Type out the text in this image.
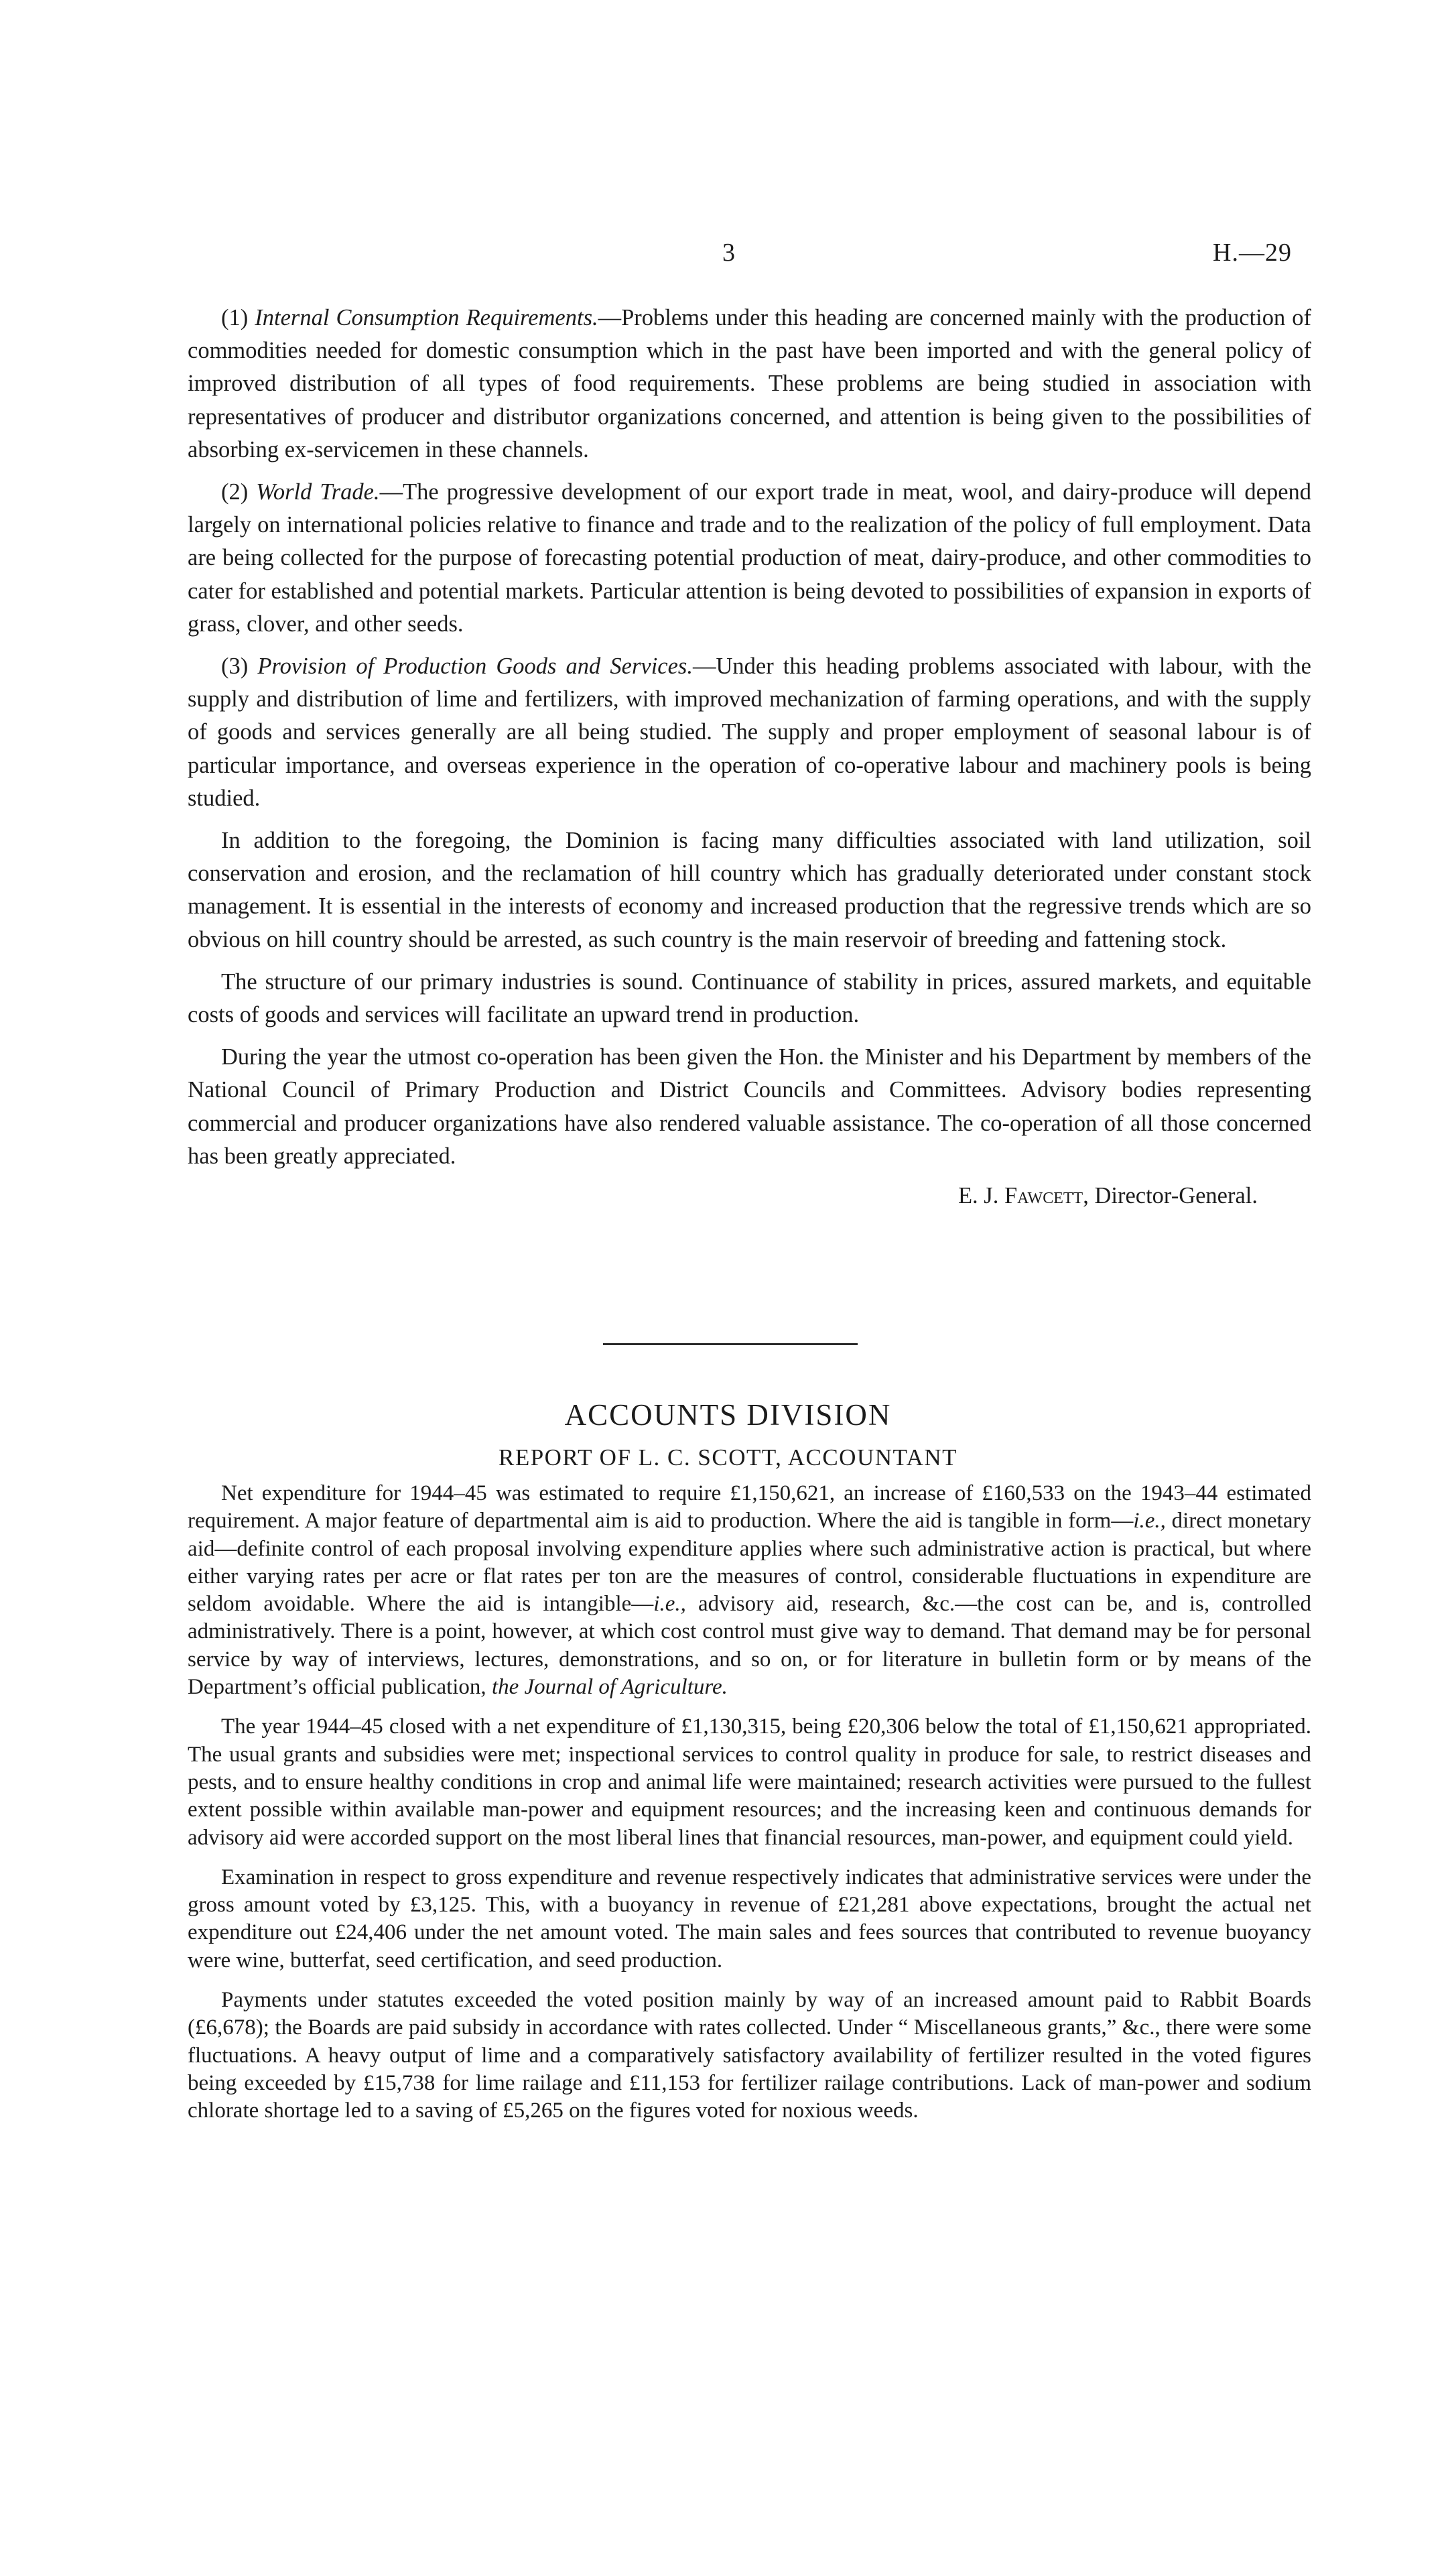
3	H.—29

(1) Internal Consumption Requirements.—Problems under this heading are concerned mainly with the production of commodities needed for domestic consumption which in the past have been imported and with the general policy of improved distribution of all types of food requirements. These problems are being studied in association with representatives of producer and distributor organizations concerned, and attention is being given to the possibilities of absorbing ex-servicemen in these channels.

(2) World Trade.—The progressive development of our export trade in meat, wool, and dairy-produce will depend largely on international policies relative to finance and trade and to the realization of the policy of full employment. Data are being collected for the purpose of forecasting potential production of meat, dairy-produce, and other commodities to cater for established and potential markets. Particular attention is being devoted to possibilities of expansion in exports of grass, clover, and other seeds.

(3) Provision of Production Goods and Services.—Under this heading problems associated with labour, with the supply and distribution of lime and fertilizers, with improved mechanization of farming operations, and with the supply of goods and services generally are all being studied. The supply and proper employment of seasonal labour is of particular importance, and overseas experience in the operation of co-operative labour and machinery pools is being studied.

In addition to the foregoing, the Dominion is facing many difficulties associated with land utilization, soil conservation and erosion, and the reclamation of hill country which has gradually deteriorated under constant stock management. It is essential in the interests of economy and increased production that the regressive trends which are so obvious on hill country should be arrested, as such country is the main reservoir of breeding and fattening stock.

The structure of our primary industries is sound. Continuance of stability in prices, assured markets, and equitable costs of goods and services will facilitate an upward trend in production.

During the year the utmost co-operation has been given the Hon. the Minister and his Department by members of the National Council of Primary Production and District Councils and Committees. Advisory bodies representing commercial and producer organizations have also rendered valuable assistance. The co-operation of all those concerned has been greatly appreciated.

E. J. Fawcett, Director-General.
ACCOUNTS DIVISION
REPORT OF L. C. SCOTT, ACCOUNTANT

Net expenditure for 1944–45 was estimated to require £1,150,621, an increase of £160,533 on the 1943–44 estimated requirement. A major feature of departmental aim is aid to production. Where the aid is tangible in form—i.e., direct monetary aid—definite control of each proposal involving expenditure applies where such administrative action is practical, but where either varying rates per acre or flat rates per ton are the measures of control, considerable fluctuations in expenditure are seldom avoidable. Where the aid is intangible—i.e., advisory aid, research, &c.—the cost can be, and is, controlled administratively. There is a point, however, at which cost control must give way to demand. That demand may be for personal service by way of interviews, lectures, demonstrations, and so on, or for literature in bulletin form or by means of the Department’s official publication, the Journal of Agriculture.

The year 1944–45 closed with a net expenditure of £1,130,315, being £20,306 below the total of £1,150,621 appropriated. The usual grants and subsidies were met; inspectional services to control quality in produce for sale, to restrict diseases and pests, and to ensure healthy conditions in crop and animal life were maintained; research activities were pursued to the fullest extent possible within available man-power and equipment resources; and the increasing keen and continuous demands for advisory aid were accorded support on the most liberal lines that financial resources, man-power, and equipment could yield.

Examination in respect to gross expenditure and revenue respectively indicates that administrative services were under the gross amount voted by £3,125. This, with a buoyancy in revenue of £21,281 above expectations, brought the actual net expenditure out £24,406 under the net amount voted. The main sales and fees sources that contributed to revenue buoyancy were wine, butterfat, seed certification, and seed production.

Payments under statutes exceeded the voted position mainly by way of an increased amount paid to Rabbit Boards (£6,678); the Boards are paid subsidy in accordance with rates collected. Under “ Miscellaneous grants,” &c., there were some fluctuations. A heavy output of lime and a comparatively satisfactory availability of fertilizer resulted in the voted figures being exceeded by £15,738 for lime railage and £11,153 for fertilizer railage contributions. Lack of man-power and sodium chlorate shortage led to a saving of £5,265 on the figures voted for noxious weeds.
